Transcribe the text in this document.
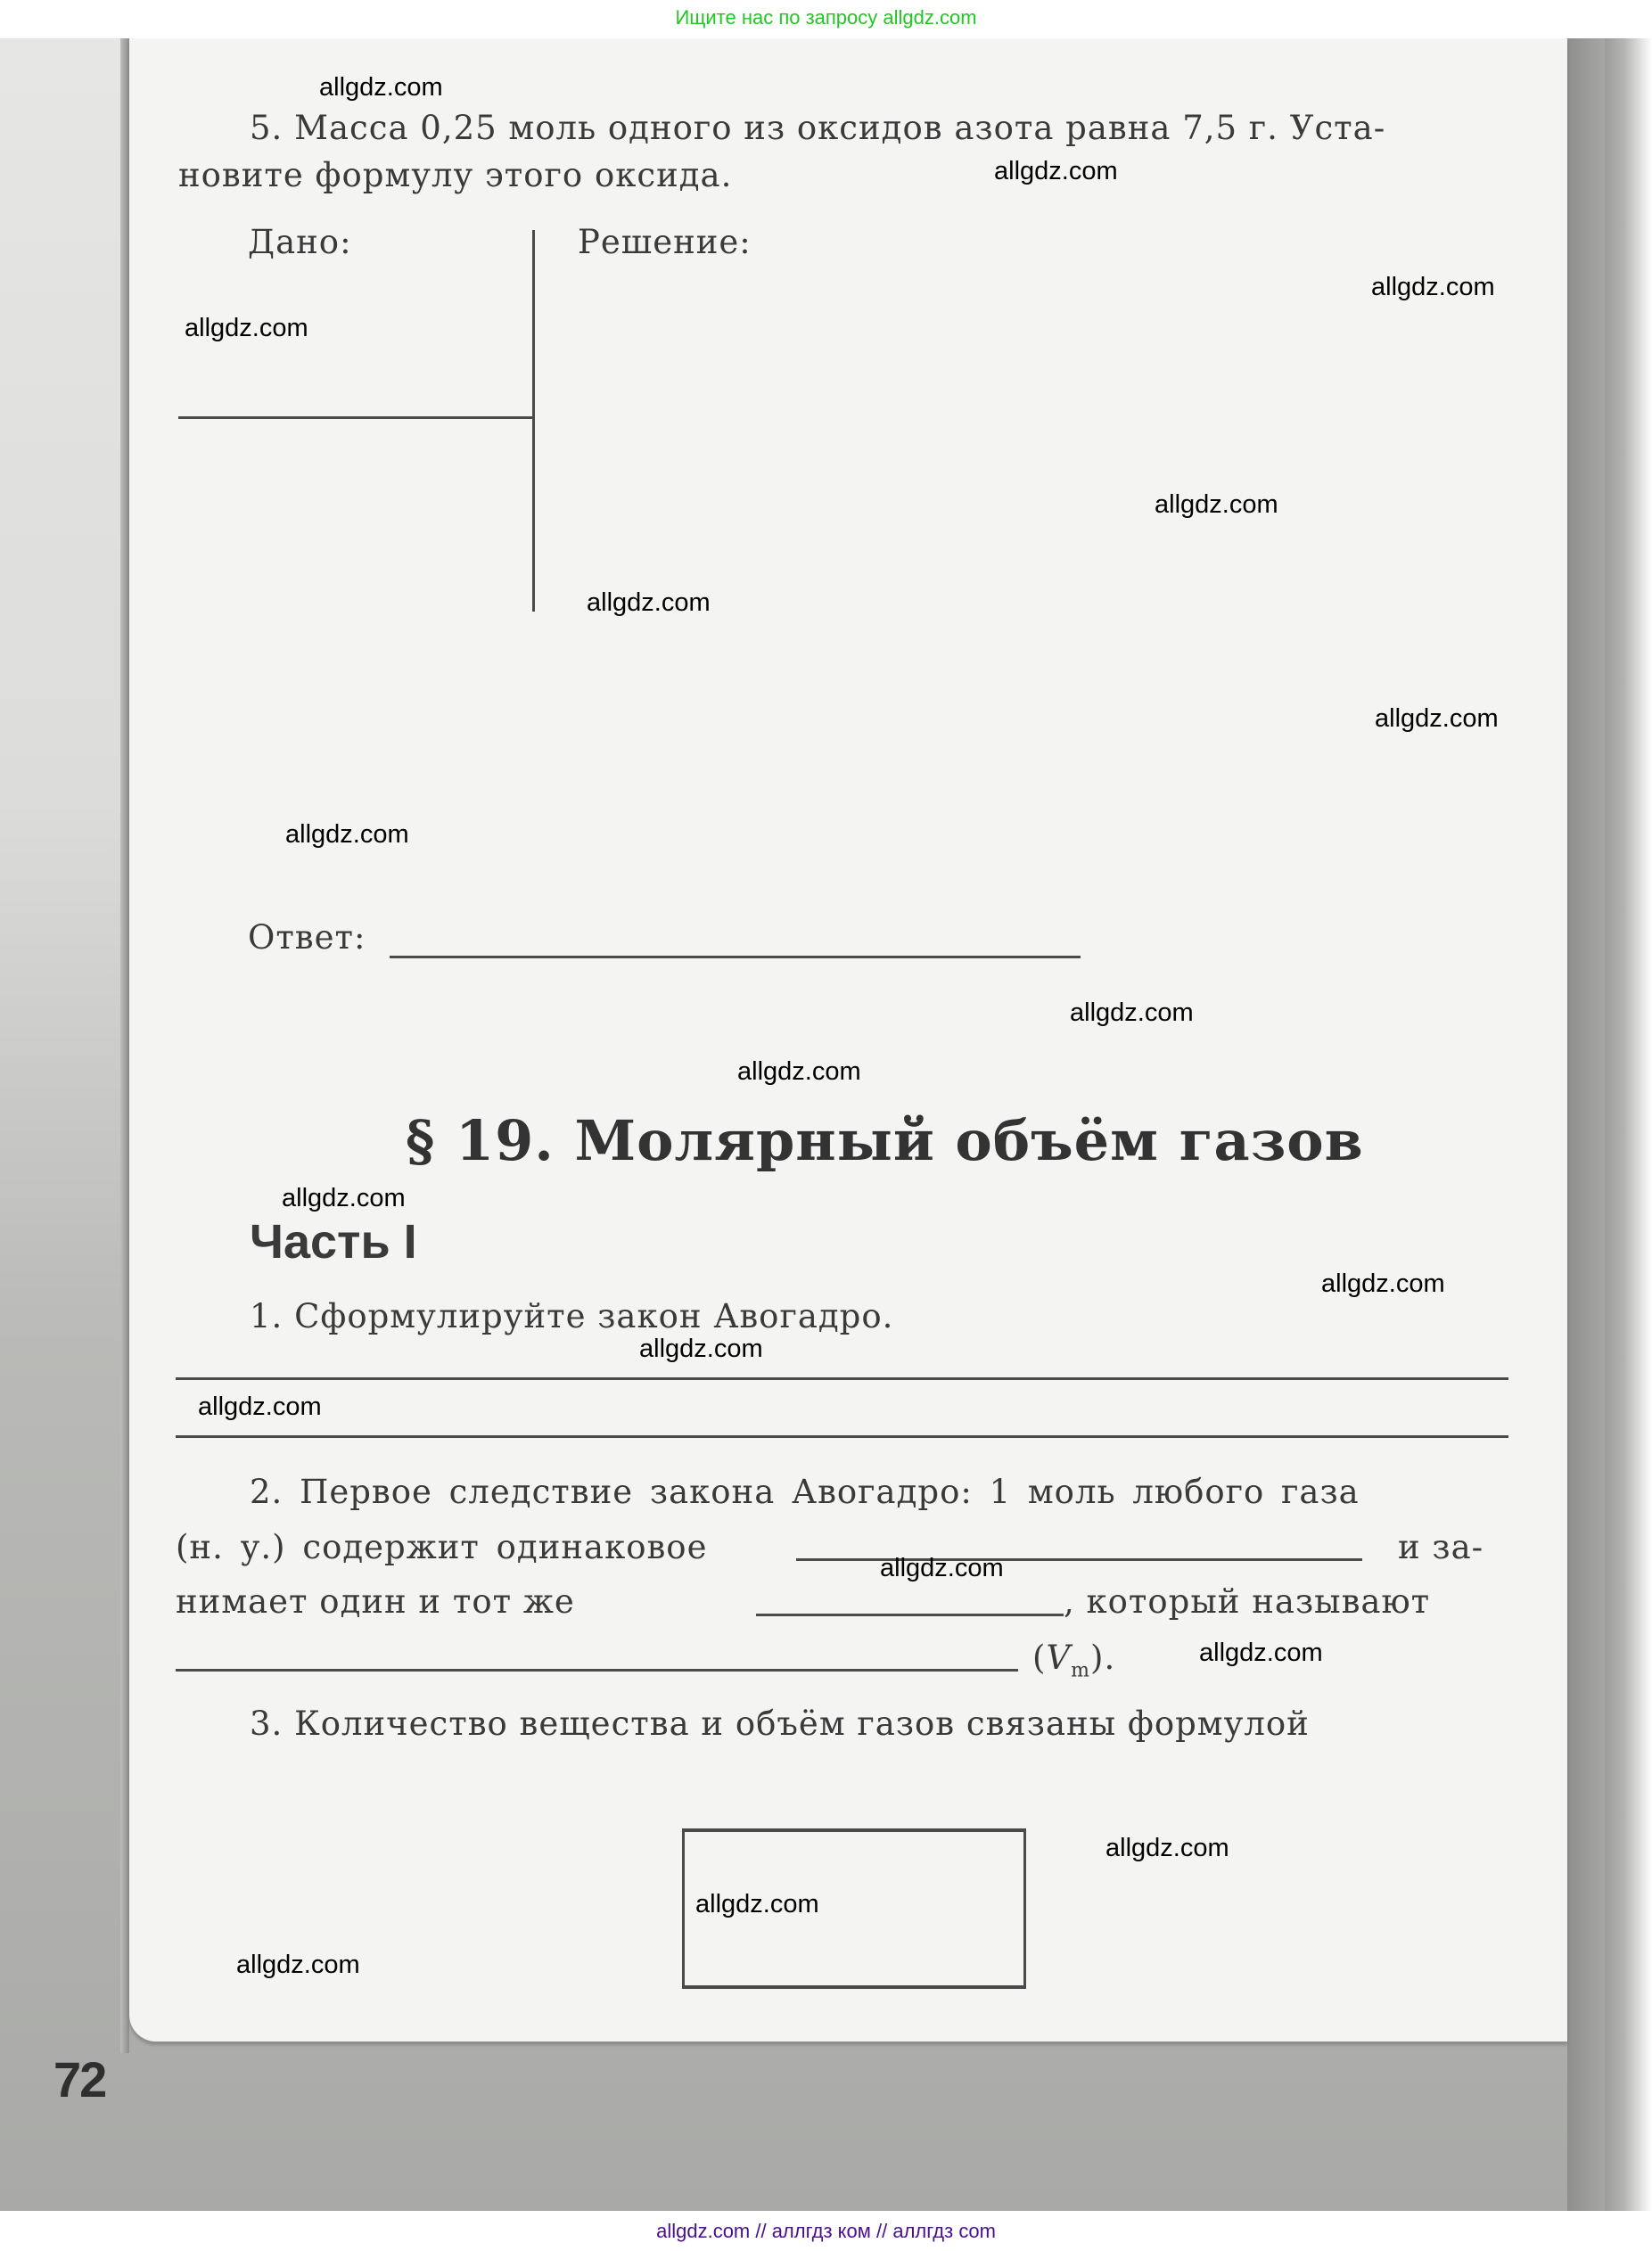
Ищите нас по запросу allgdz.com
5. Масса 0,25 моль одного из оксидов азота равна 7,5 г. Уста-
новите формулу этого оксида.
Дано:	Решение:
Ответ:
§ 19. Молярный объём газов
Часть I
1. Сформулируйте закон Авогадро.
2. Первое следствие закона Авогадро: 1 моль любого газа
(н. у.) содержит одинаковое	и за-
нимает один и тот же	, который называют
$(V_m)$.
3. Количество вещества и объём газов связаны формулой
72
allgdz.com
allgdz.com
allgdz.com
allgdz.com
allgdz.com
allgdz.com
allgdz.com
allgdz.com
allgdz.com
allgdz.com
allgdz.com
allgdz.com
allgdz.com
allgdz.com
allgdz.com
allgdz.com
allgdz.com
allgdz.com
allgdz.com
allgdz.com // аллгдз ком // аллгдз com
